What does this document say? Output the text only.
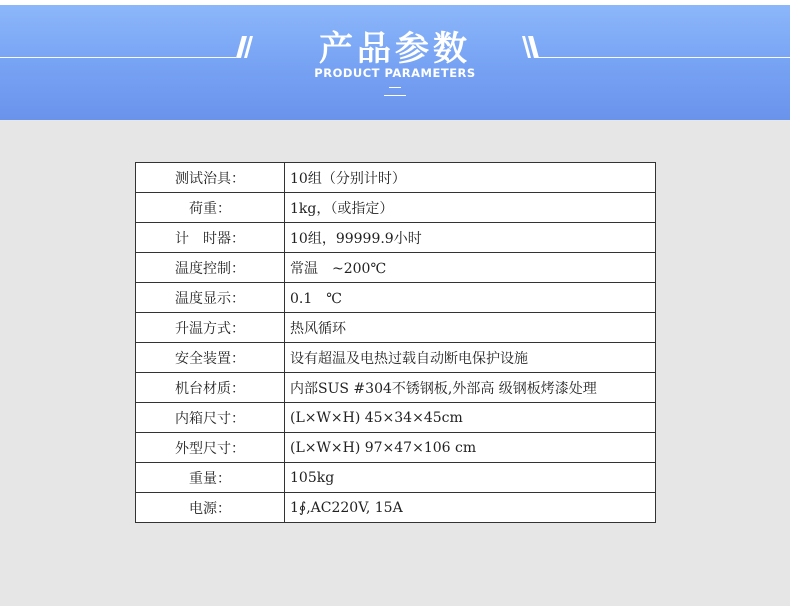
产品参数
PRODUCT PARAMETERS
测试治具：	10组（分别计时）
荷重：	1kg，（或指定）
计　时器：	10组，99999.9小时
温度控制：	常温　~200℃
温度显示：	0.1　℃
升温方式：	热风循环
安全装置：	设有超温及电热过载自动断电保护设施
机台材质：	内部SUS #304不锈钢板,外部高 级钢板烤漆处理
内箱尺寸：	(L×W×H) 45×34×45cm
外型尺寸：	(L×W×H) 97×47×106 cm
重量：	105kg
电源：	1∮,AC220V, 15A
